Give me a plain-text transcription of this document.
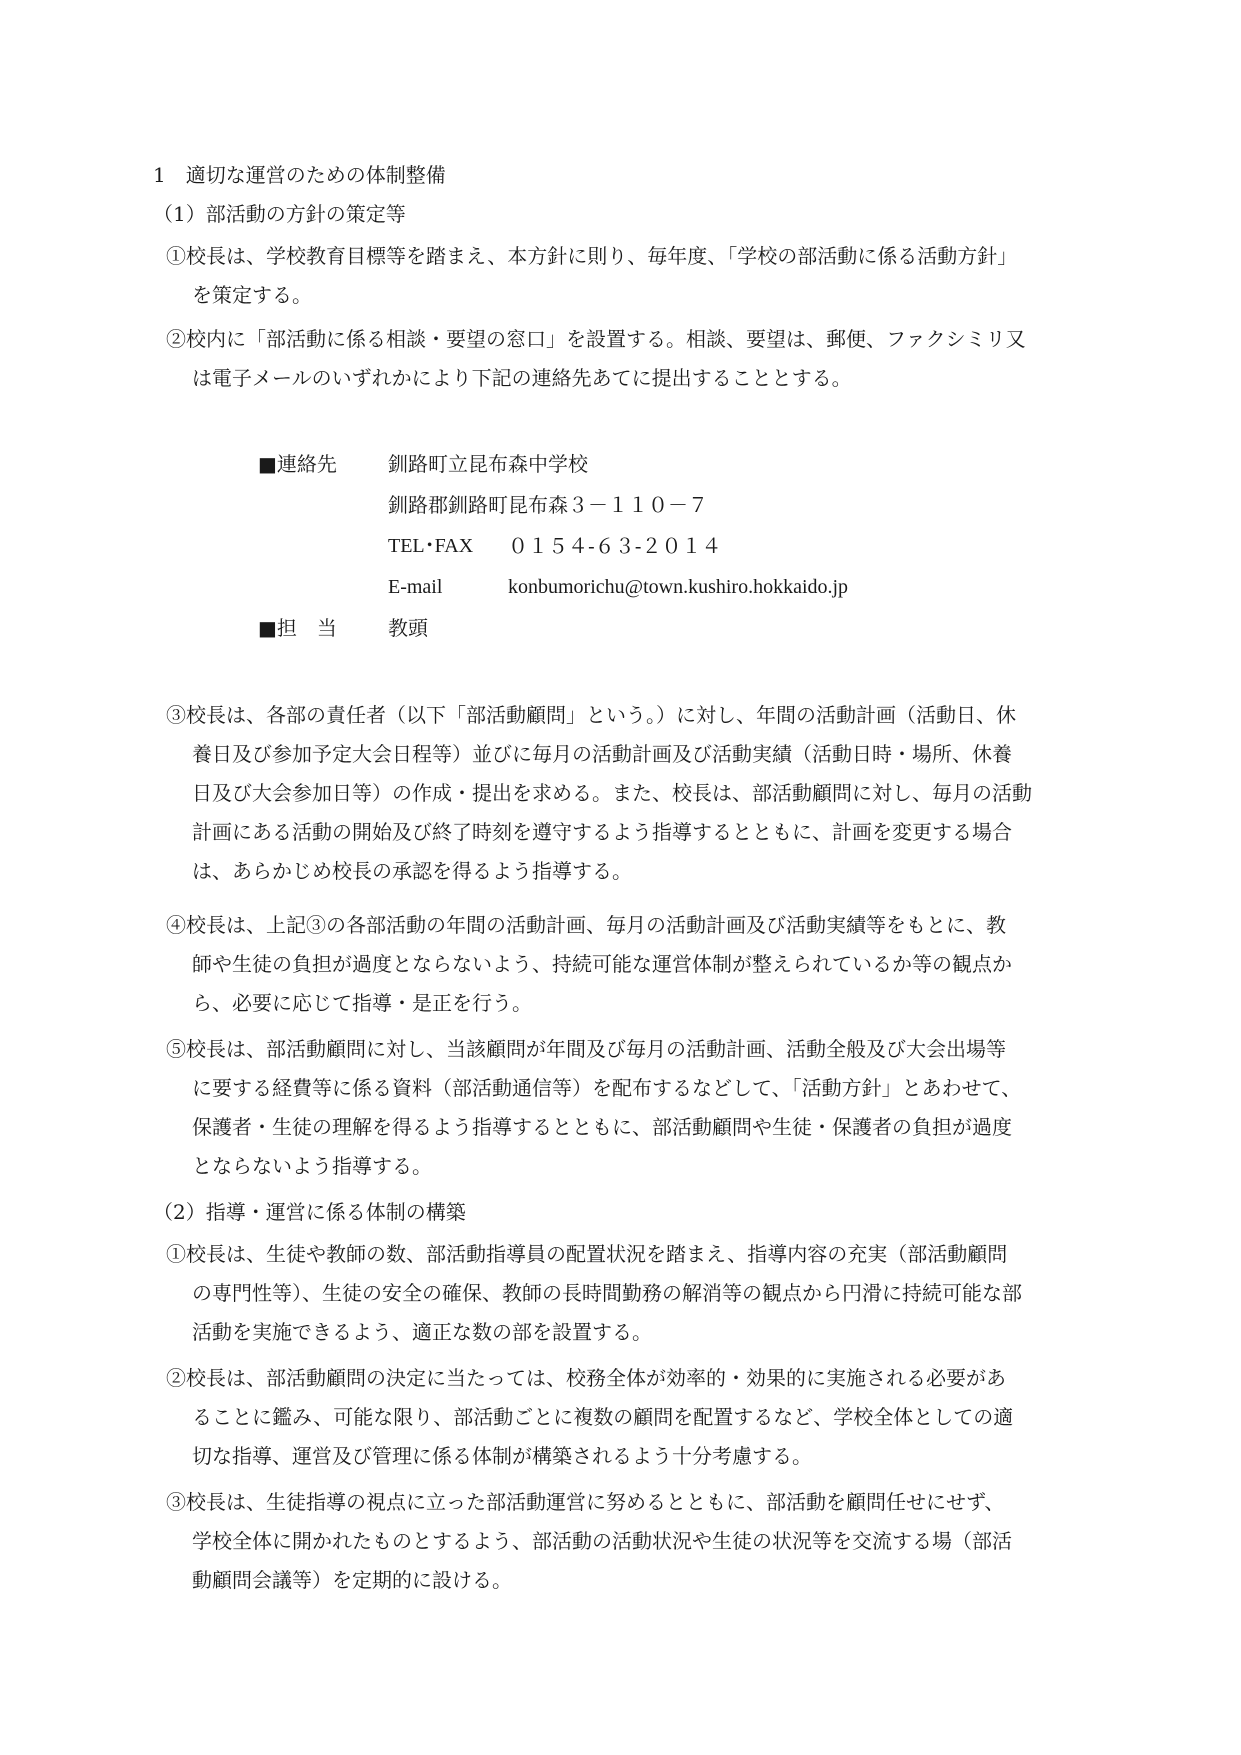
1　適切な運営のための体制整備
（1）部活動の方針の策定等
①校長は、学校教育目標等を踏まえ、本方針に則り、毎年度、「学校の部活動に係る活動方針」
を策定する。
②校内に「部活動に係る相談・要望の窓口」を設置する。相談、要望は、郵便、ファクシミリ又
は電子メールのいずれかにより下記の連絡先あてに提出することとする。
■連絡先	釧路町立昆布森中学校
釧路郡釧路町昆布森３－１１０－７
TEL･FAX ０１５４-６３-２０１４
E-mail	konbumorichu@town.kushiro.hokkaido.jp
■担　当	教頭
③校長は、各部の責任者（以下「部活動顧問」という。）に対し、年間の活動計画（活動日、休
養日及び参加予定大会日程等）並びに毎月の活動計画及び活動実績（活動日時・場所、休養
日及び大会参加日等）の作成・提出を求める。また、校長は、部活動顧問に対し、毎月の活動
計画にある活動の開始及び終了時刻を遵守するよう指導するとともに、計画を変更する場合
は、あらかじめ校長の承認を得るよう指導する。
④校長は、上記③の各部活動の年間の活動計画、毎月の活動計画及び活動実績等をもとに、教
師や生徒の負担が過度とならないよう、持続可能な運営体制が整えられているか等の観点か
ら、必要に応じて指導・是正を行う。
⑤校長は、部活動顧問に対し、当該顧問が年間及び毎月の活動計画、活動全般及び大会出場等
に要する経費等に係る資料（部活動通信等）を配布するなどして、「活動方針」とあわせて、
保護者・生徒の理解を得るよう指導するとともに、部活動顧問や生徒・保護者の負担が過度
とならないよう指導する。
（2）指導・運営に係る体制の構築
①校長は、生徒や教師の数、部活動指導員の配置状況を踏まえ、指導内容の充実（部活動顧問
の専門性等）、生徒の安全の確保、教師の長時間勤務の解消等の観点から円滑に持続可能な部
活動を実施できるよう、適正な数の部を設置する。
②校長は、部活動顧問の決定に当たっては、校務全体が効率的・効果的に実施される必要があ
ることに鑑み、可能な限り、部活動ごとに複数の顧問を配置するなど、学校全体としての適
切な指導、運営及び管理に係る体制が構築されるよう十分考慮する。
③校長は、生徒指導の視点に立った部活動運営に努めるとともに、部活動を顧問任せにせず、
学校全体に開かれたものとするよう、部活動の活動状況や生徒の状況等を交流する場（部活
動顧問会議等）を定期的に設ける。
